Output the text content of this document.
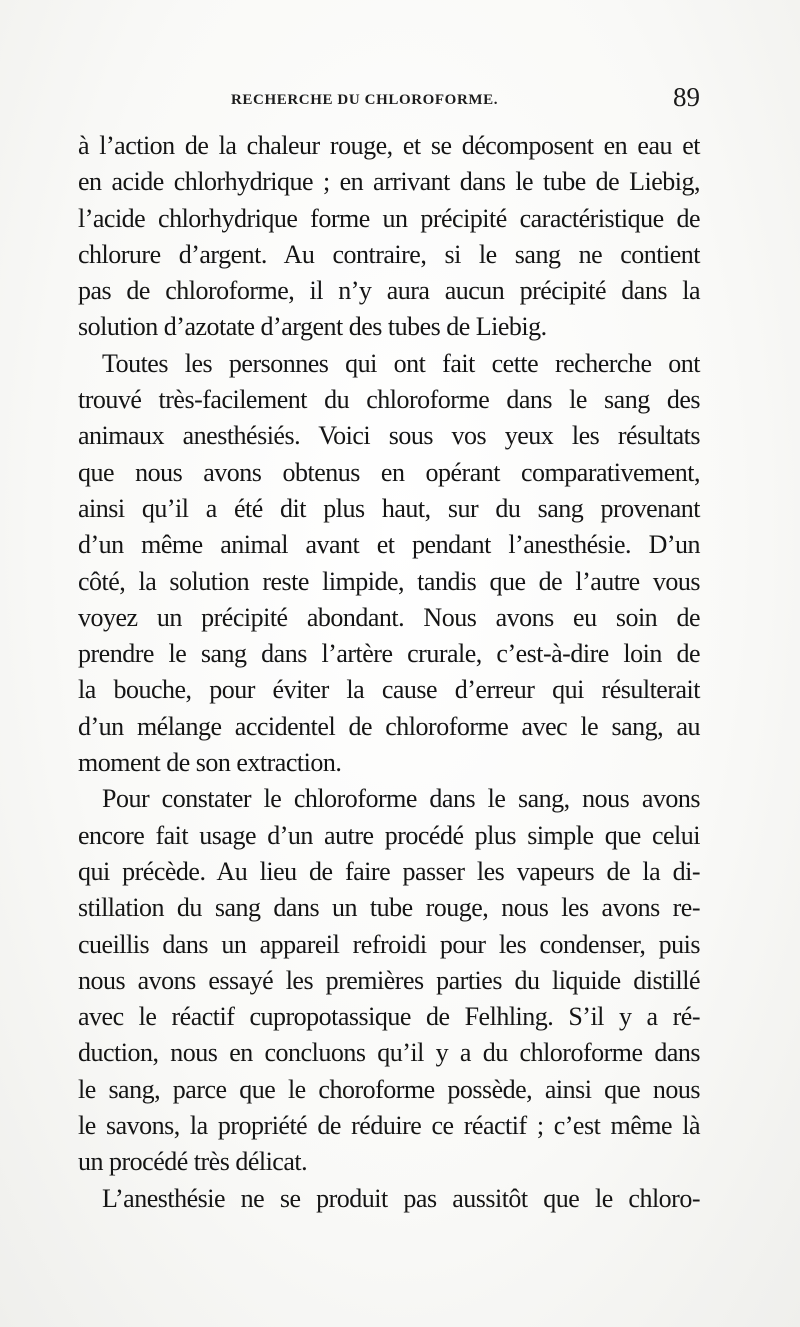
RECHERCHE DU CHLOROFORME.	89
à l’action de la chaleur rouge, et se décomposent en eau et
en acide chlorhydrique ; en arrivant dans le tube de Liebig,
l’acide chlorhydrique forme un précipité caractéristique de
chlorure d’argent. Au contraire, si le sang ne contient
pas de chloroforme, il n’y aura aucun précipité dans la
solution d’azotate d’argent des tubes de Liebig.
Toutes les personnes qui ont fait cette recherche ont
trouvé très-facilement du chloroforme dans le sang des
animaux anesthésiés. Voici sous vos yeux les résultats
que nous avons obtenus en opérant comparativement,
ainsi qu’il a été dit plus haut, sur du sang provenant
d’un même animal avant et pendant l’anesthésie. D’un
côté, la solution reste limpide, tandis que de l’autre vous
voyez un précipité abondant. Nous avons eu soin de
prendre le sang dans l’artère crurale, c’est-à-dire loin de
la bouche, pour éviter la cause d’erreur qui résulterait
d’un mélange accidentel de chloroforme avec le sang, au
moment de son extraction.
Pour constater le chloroforme dans le sang, nous avons
encore fait usage d’un autre procédé plus simple que celui
qui précède. Au lieu de faire passer les vapeurs de la di-
stillation du sang dans un tube rouge, nous les avons re-
cueillis dans un appareil refroidi pour les condenser, puis
nous avons essayé les premières parties du liquide distillé
avec le réactif cupropotassique de Felhling. S’il y a ré-
duction, nous en concluons qu’il y a du chloroforme dans
le sang, parce que le choroforme possède, ainsi que nous
le savons, la propriété de réduire ce réactif ; c’est même là
un procédé très délicat.
L’anesthésie ne se produit pas aussitôt que le chloro-
